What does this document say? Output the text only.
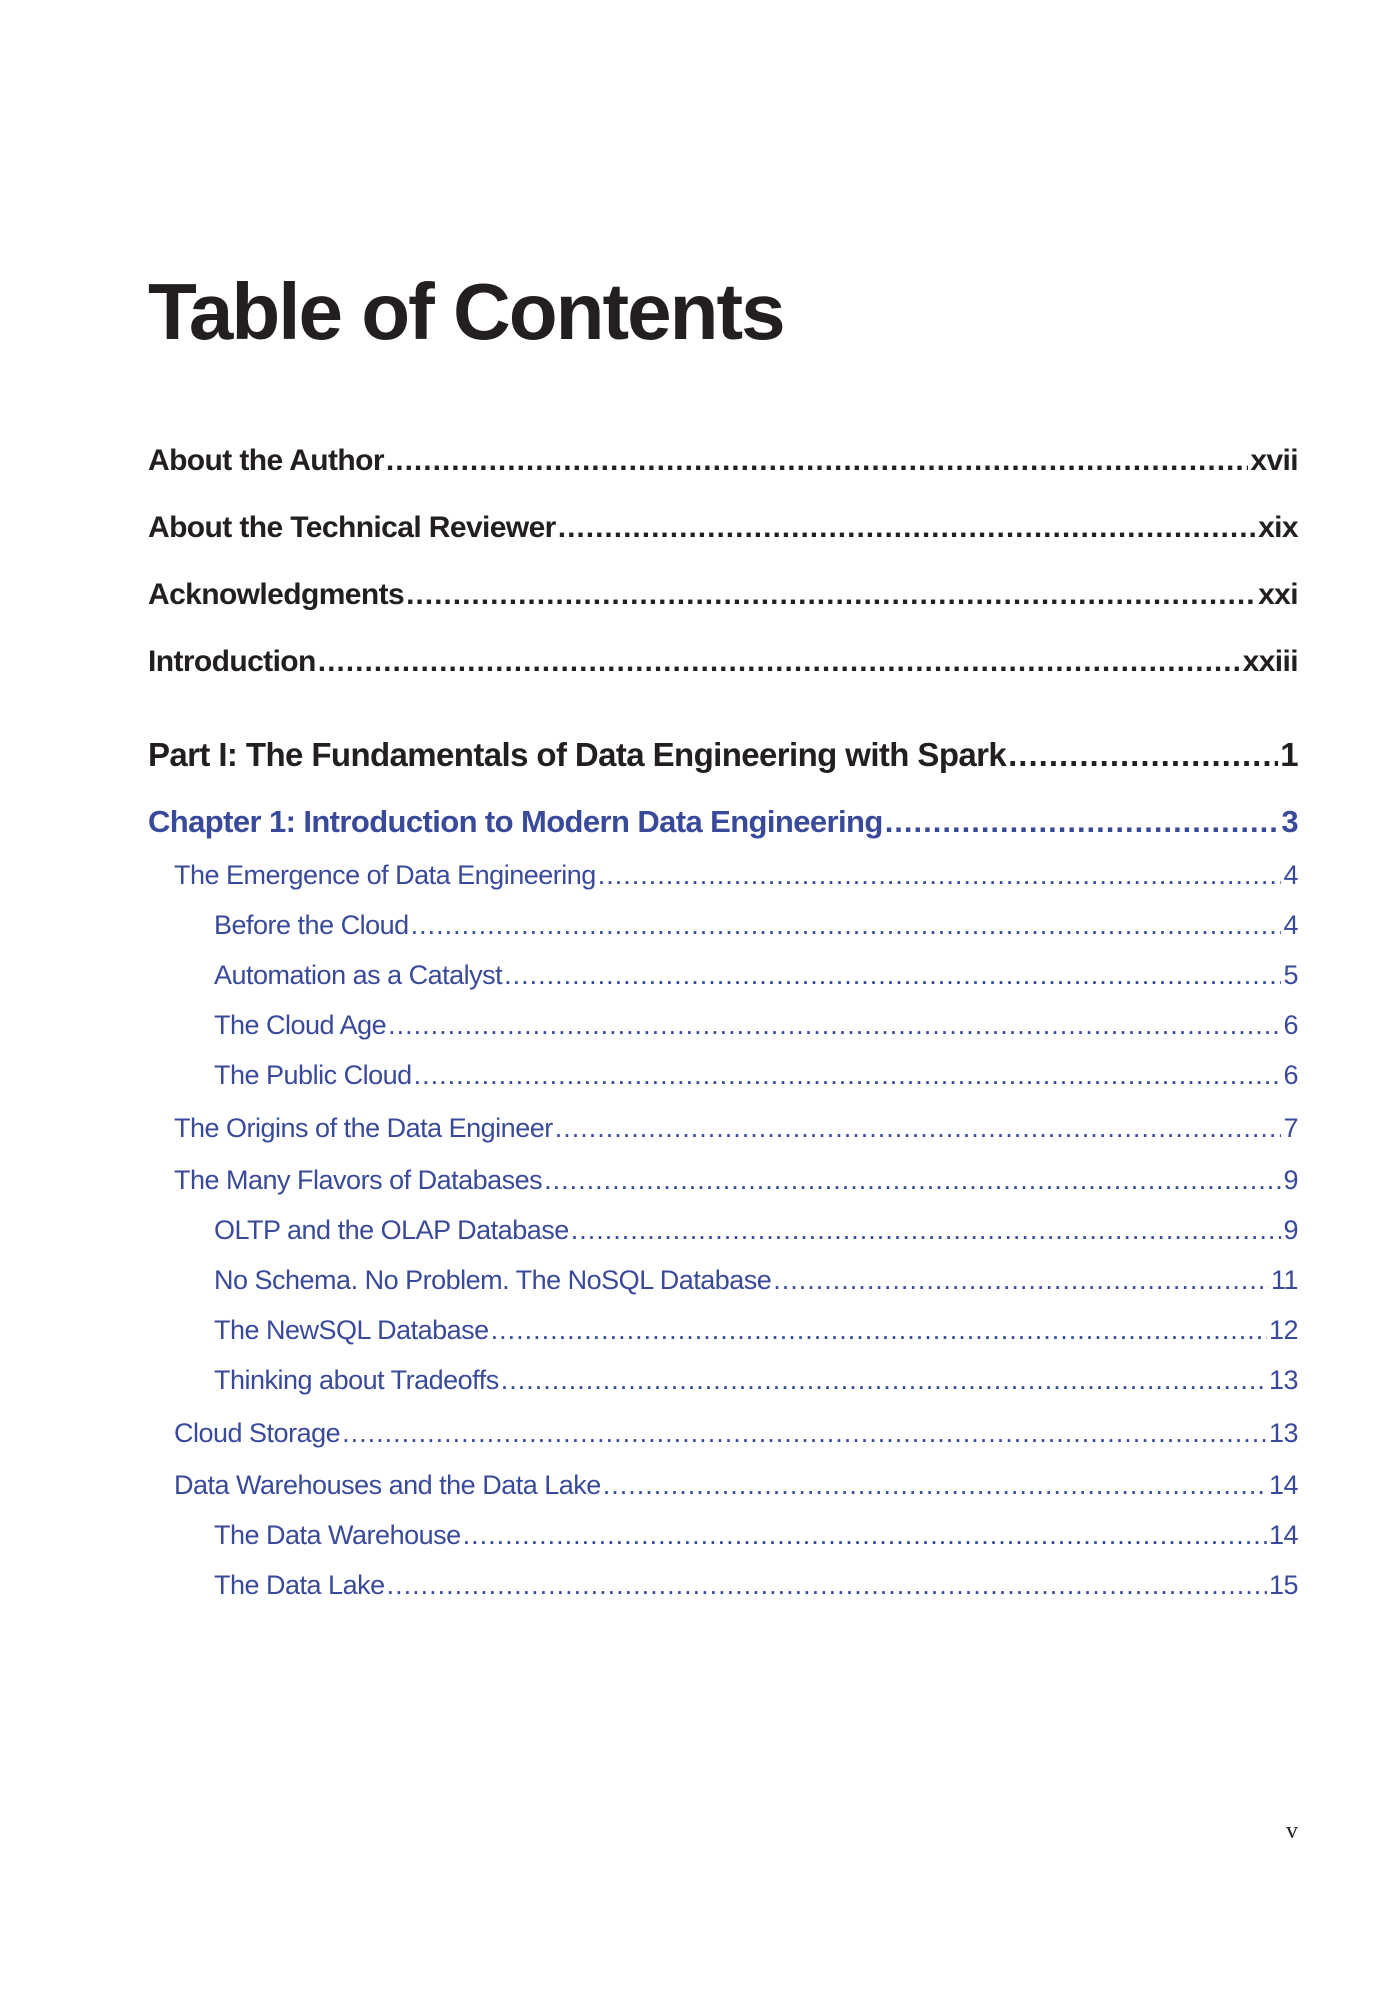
Table of Contents
About the Author .....	xvii
About the Technical Reviewer .....	xix
Acknowledgments .....	xxi
Introduction .....	xxiii
Part I: The Fundamentals of Data Engineering with Spark .....	1
Chapter 1: Introduction to Modern Data Engineering .....	3
The Emergence of Data Engineering .....	4
Before the Cloud .....	4
Automation as a Catalyst .....	5
The Cloud Age .....	6
The Public Cloud .....	6
The Origins of the Data Engineer .....	7
The Many Flavors of Databases .....	9
OLTP and the OLAP Database .....	9
No Schema. No Problem. The NoSQL Database .....	11
The NewSQL Database .....	12
Thinking about Tradeoffs .....	13
Cloud Storage .....	13
Data Warehouses and the Data Lake .....	14
The Data Warehouse .....	14
The Data Lake .....	15
v
